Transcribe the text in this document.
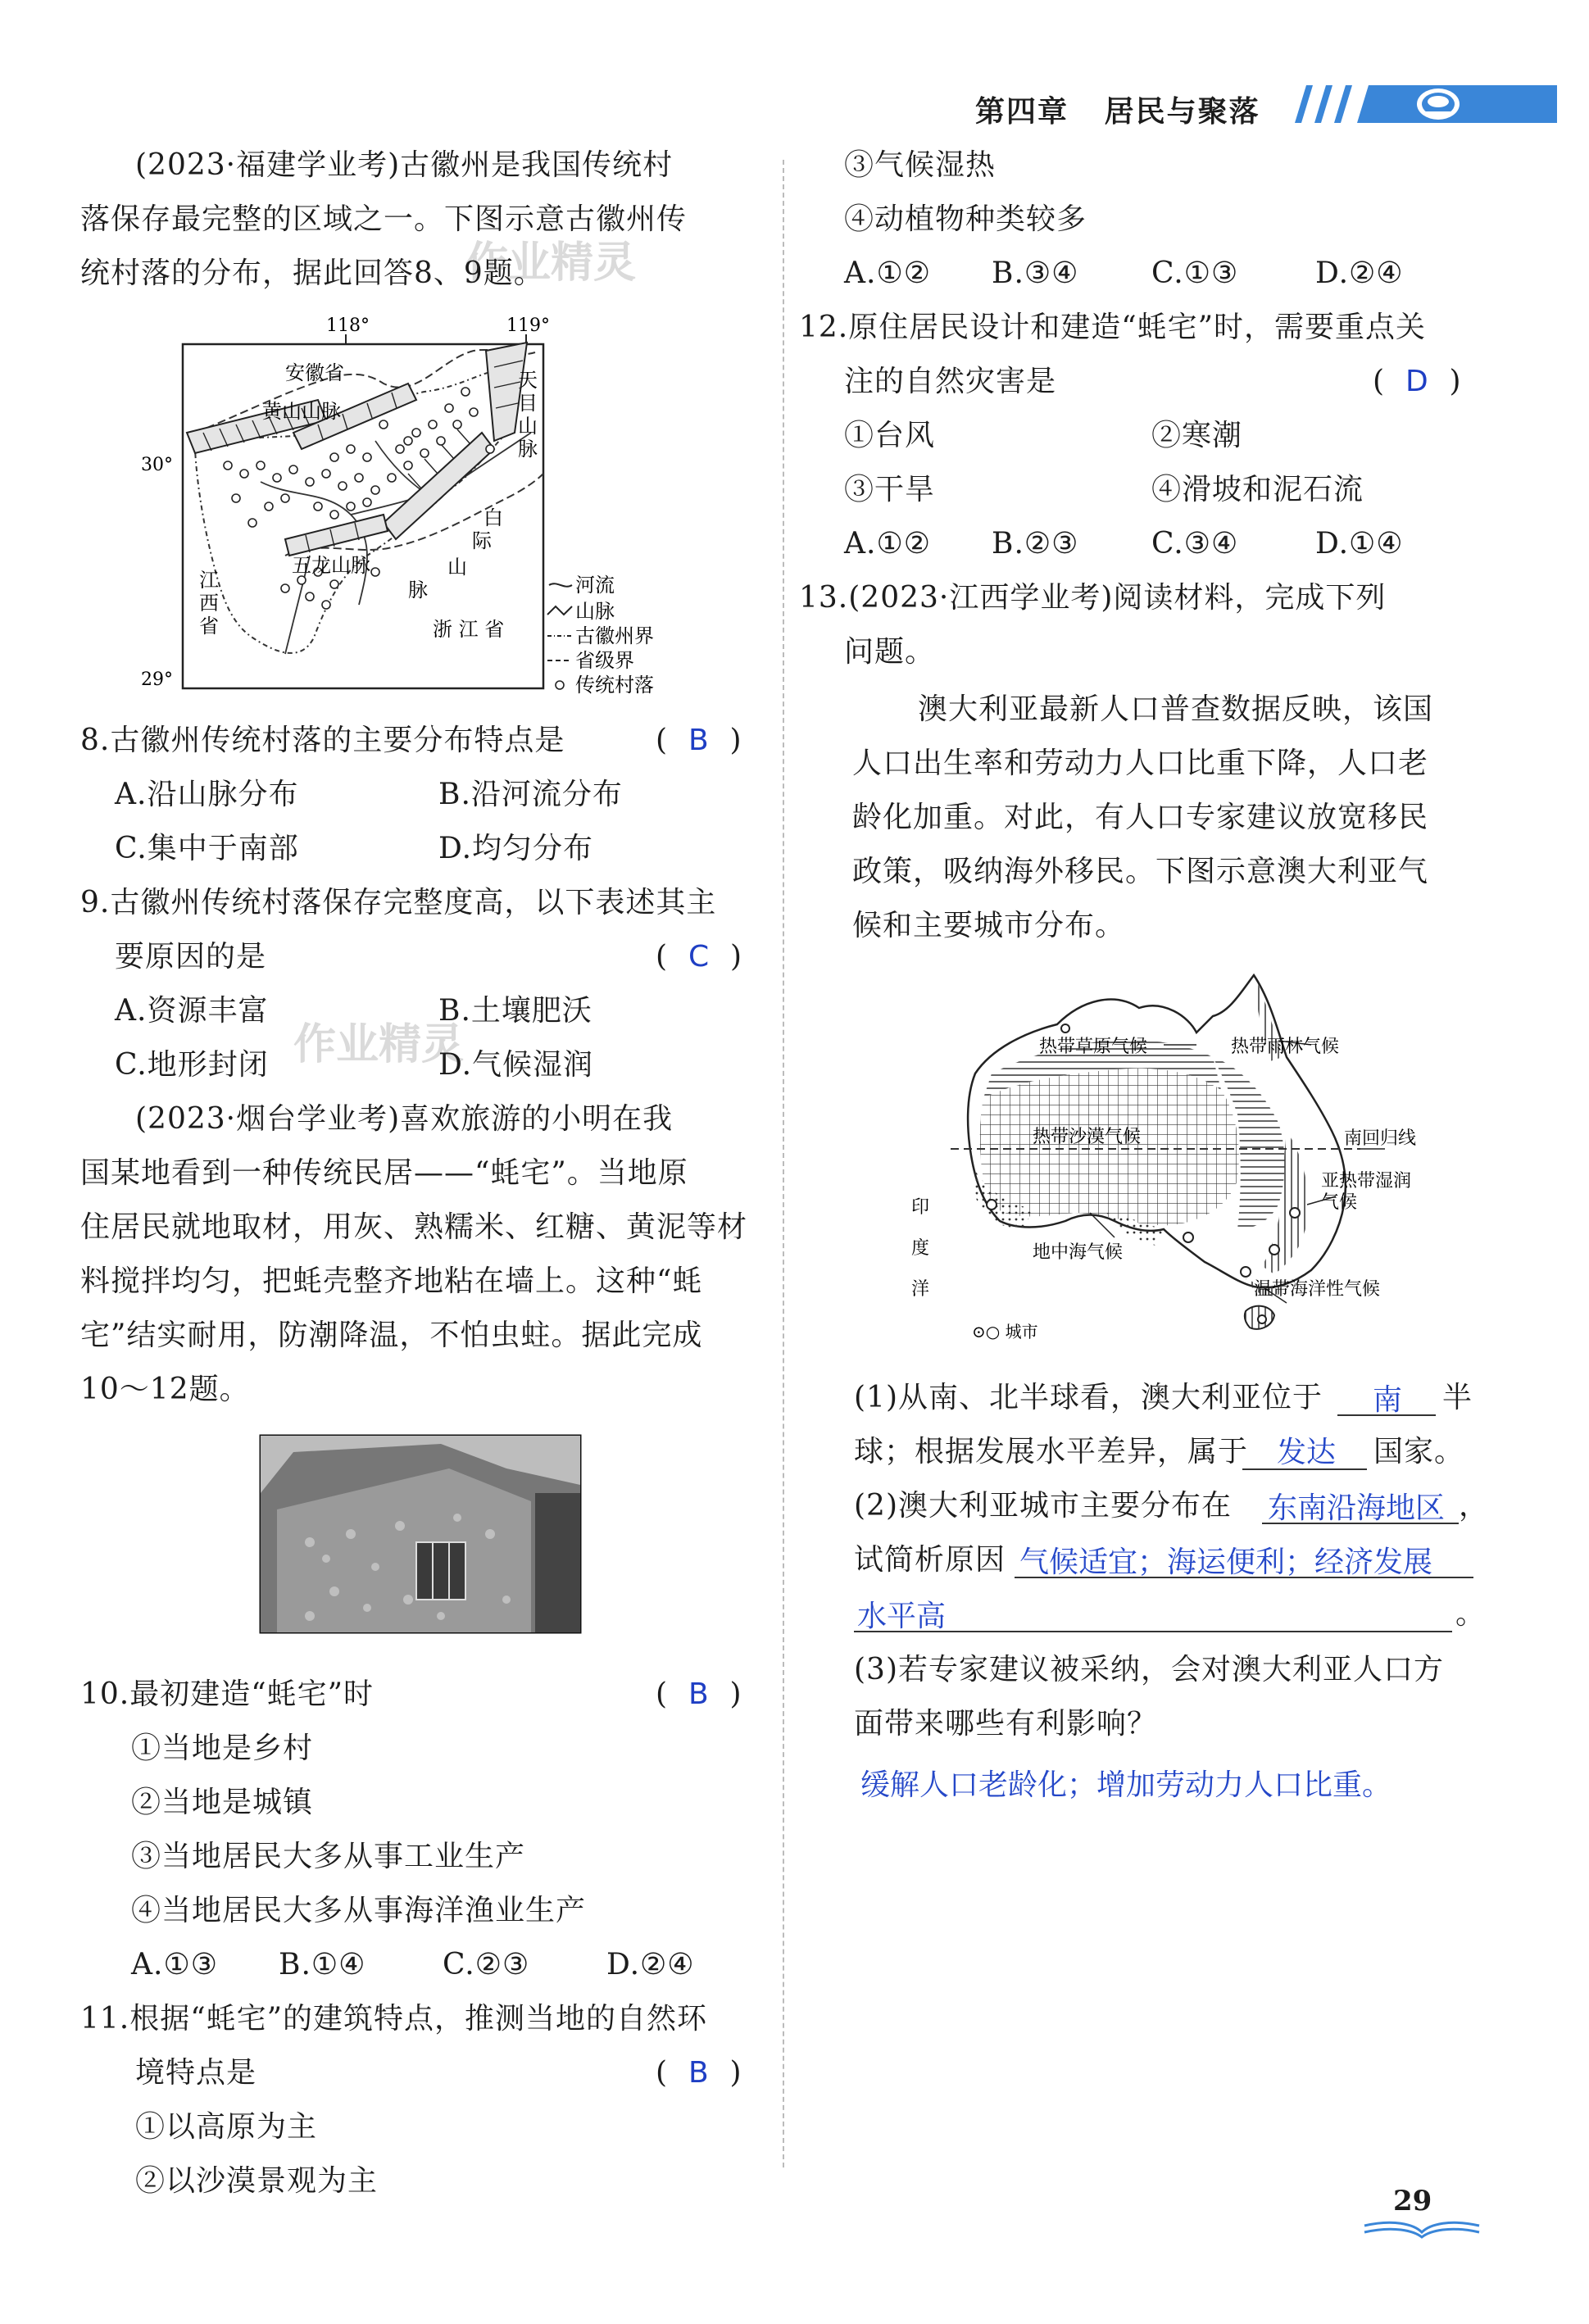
第四章 居民与聚落
作业精灵
作业精灵
(2023·福建学业考)古徽州是我国传统村
落保存最完整的区域之一。下图示意古徽州传
统村落的分布，据此回答8、9题。
118°	119°
30°
29°
安徽省
黄山山脉
天
目
山
脉
白
际
五龙山脉	山
脉
江
西
省	浙 江 省
河流
山脉
古徽州界
省级界
传统村落
8.古徽州传统村落的主要分布特点是	(  B  )
A.沿山脉分布	B.沿河流分布
C.集中于南部	D.均匀分布
9.古徽州传统村落保存完整度高，以下表述其主
要原因的是	(  C  )
A.资源丰富	B.土壤肥沃
C.地形封闭	D.气候湿润
(2023·烟台学业考)喜欢旅游的小明在我
国某地看到一种传统民居——“蚝宅”。当地原
住居民就地取材，用灰、熟糯米、红糖、黄泥等材
料搅拌均匀，把蚝壳整齐地粘在墙上。这种“蚝
宅”结实耐用，防潮降温，不怕虫蛀。据此完成
10～12题。
10.最初建造“蚝宅”时	(  B  )
①当地是乡村
②当地是城镇
③当地居民大多从事工业生产
④当地居民大多从事海洋渔业生产
A.①③ B.①④	C.②③	D.②④
11.根据“蚝宅”的建筑特点，推测当地的自然环
境特点是	(  B  )
①以高原为主
②以沙漠景观为主
③气候湿热
④动植物种类较多
A.①② B.③④ C.①③	D.②④
12.原住居民设计和建造“蚝宅”时，需要重点关
注的自然灾害是	(  D  )
①台风	②寒潮
③干旱	④滑坡和泥石流
A.①② B.②③ C.③④	D.①④
13.(2023·江西学业考)阅读材料，完成下列
问题。
澳大利亚最新人口普查数据反映，该国
人口出生率和劳动力人口比重下降，人口老
龄化加重。对此，有人口专家建议放宽移民
政策，吸纳海外移民。下图示意澳大利亚气
候和主要城市分布。
热带草原气候	热带雨林气候
热带沙漠气候	南回归线
亚热带湿润
气候
印
度
洋
地中海气候
温带海洋性气候
⊙○ 城市
(1)从南、北半球看，澳大利亚位于 南 半
球；根据发展水平差异，属于 发达 国家。
(2)澳大利亚城市主要分布在 东南沿海地区 ，
试简析原因 气候适宜；海运便利；经济发展
水平高	。
(3)若专家建议被采纳，会对澳大利亚人口方
面带来哪些有利影响？
缓解人口老龄化；增加劳动力人口比重。
29
